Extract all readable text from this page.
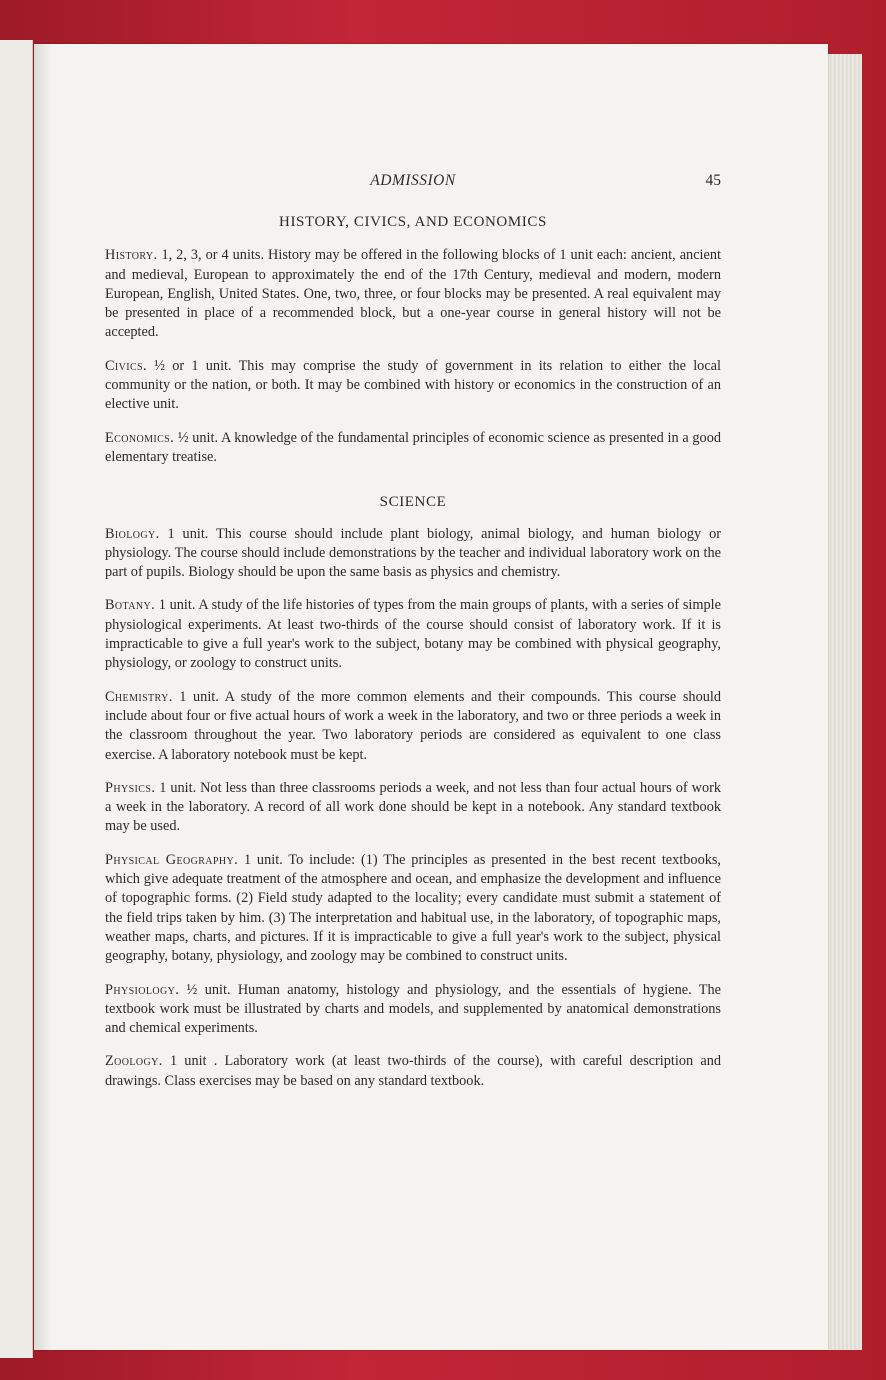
ADMISSION	45
HISTORY, CIVICS, AND ECONOMICS

History. 1, 2, 3, or 4 units. History may be offered in the following blocks of 1 unit each: ancient, ancient and medieval, European to approximately the end of the 17th Century, medieval and modern, modern European, English, United States. One, two, three, or four blocks may be presented. A real equivalent may be presented in place of a recommended block, but a one-year course in general history will not be accepted.

Civics. ½ or 1 unit. This may comprise the study of government in its relation to either the local community or the nation, or both. It may be combined with history or economics in the construction of an elective unit.

Economics. ½ unit. A knowledge of the fundamental principles of economic science as presented in a good elementary treatise.

SCIENCE

Biology. 1 unit. This course should include plant biology, animal biology, and human biology or physiology. The course should include demonstrations by the teacher and individual laboratory work on the part of pupils. Biology should be upon the same basis as physics and chemistry.

Botany. 1 unit. A study of the life histories of types from the main groups of plants, with a series of simple physiological experiments. At least two-thirds of the course should consist of laboratory work. If it is impracticable to give a full year's work to the subject, botany may be combined with physical geography, physiology, or zoology to construct units.

Chemistry. 1 unit. A study of the more common elements and their compounds. This course should include about four or five actual hours of work a week in the laboratory, and two or three periods a week in the classroom throughout the year. Two laboratory periods are considered as equivalent to one class exercise. A laboratory notebook must be kept.

Physics. 1 unit. Not less than three classrooms periods a week, and not less than four actual hours of work a week in the laboratory. A record of all work done should be kept in a notebook. Any standard textbook may be used.

Physical Geography. 1 unit. To include: (1) The principles as presented in the best recent textbooks, which give adequate treatment of the atmosphere and ocean, and emphasize the development and influence of topographic forms. (2) Field study adapted to the locality; every candidate must submit a statement of the field trips taken by him. (3) The interpretation and habitual use, in the laboratory, of topographic maps, weather maps, charts, and pictures. If it is impracticable to give a full year's work to the subject, physical geography, botany, physiology, and zoology may be combined to construct units.

Physiology. ½ unit. Human anatomy, histology and physiology, and the essentials of hygiene. The textbook work must be illustrated by charts and models, and supplemented by anatomical demonstrations and chemical experiments.

Zoology. 1 unit . Laboratory work (at least two-thirds of the course), with careful description and drawings. Class exercises may be based on any standard textbook.
